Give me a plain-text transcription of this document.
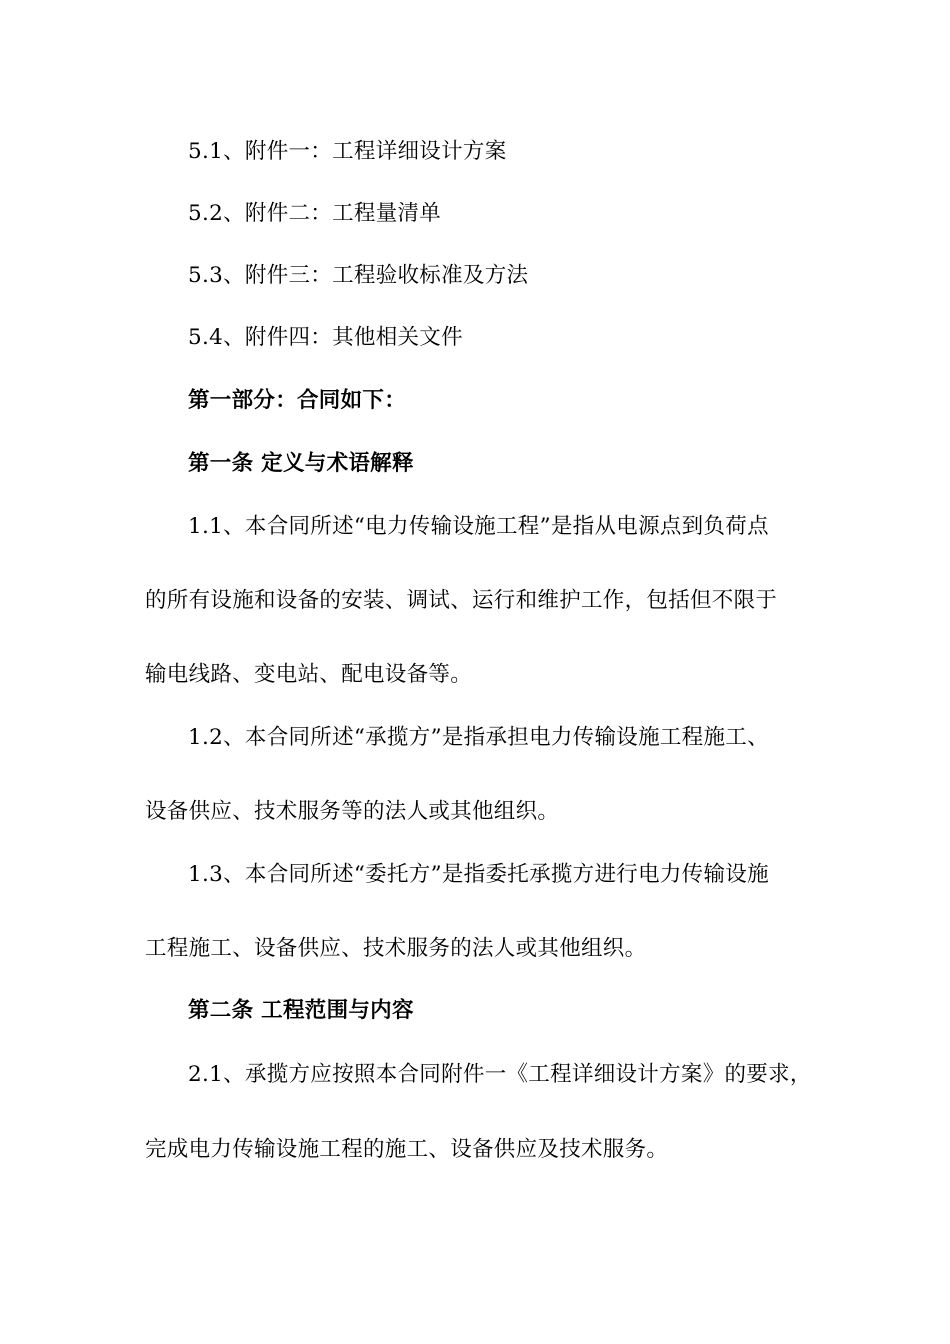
5.1、附件一：工程详细设计方案
5.2、附件二：工程量清单
5.3、附件三：工程验收标准及方法
5.4、附件四：其他相关文件
第一部分：合同如下：
第一条 定义与术语解释
1.1、本合同所述“电力传输设施工程”是指从电源点到负荷点
的所有设施和设备的安装、调试、运行和维护工作，包括但不限于
输电线路、变电站、配电设备等。
1.2、本合同所述“承揽方”是指承担电力传输设施工程施工、
设备供应、技术服务等的法人或其他组织。
1.3、本合同所述“委托方”是指委托承揽方进行电力传输设施
工程施工、设备供应、技术服务的法人或其他组织。
第二条 工程范围与内容
2.1、承揽方应按照本合同附件一《工程详细设计方案》的要求，
完成电力传输设施工程的施工、设备供应及技术服务。
